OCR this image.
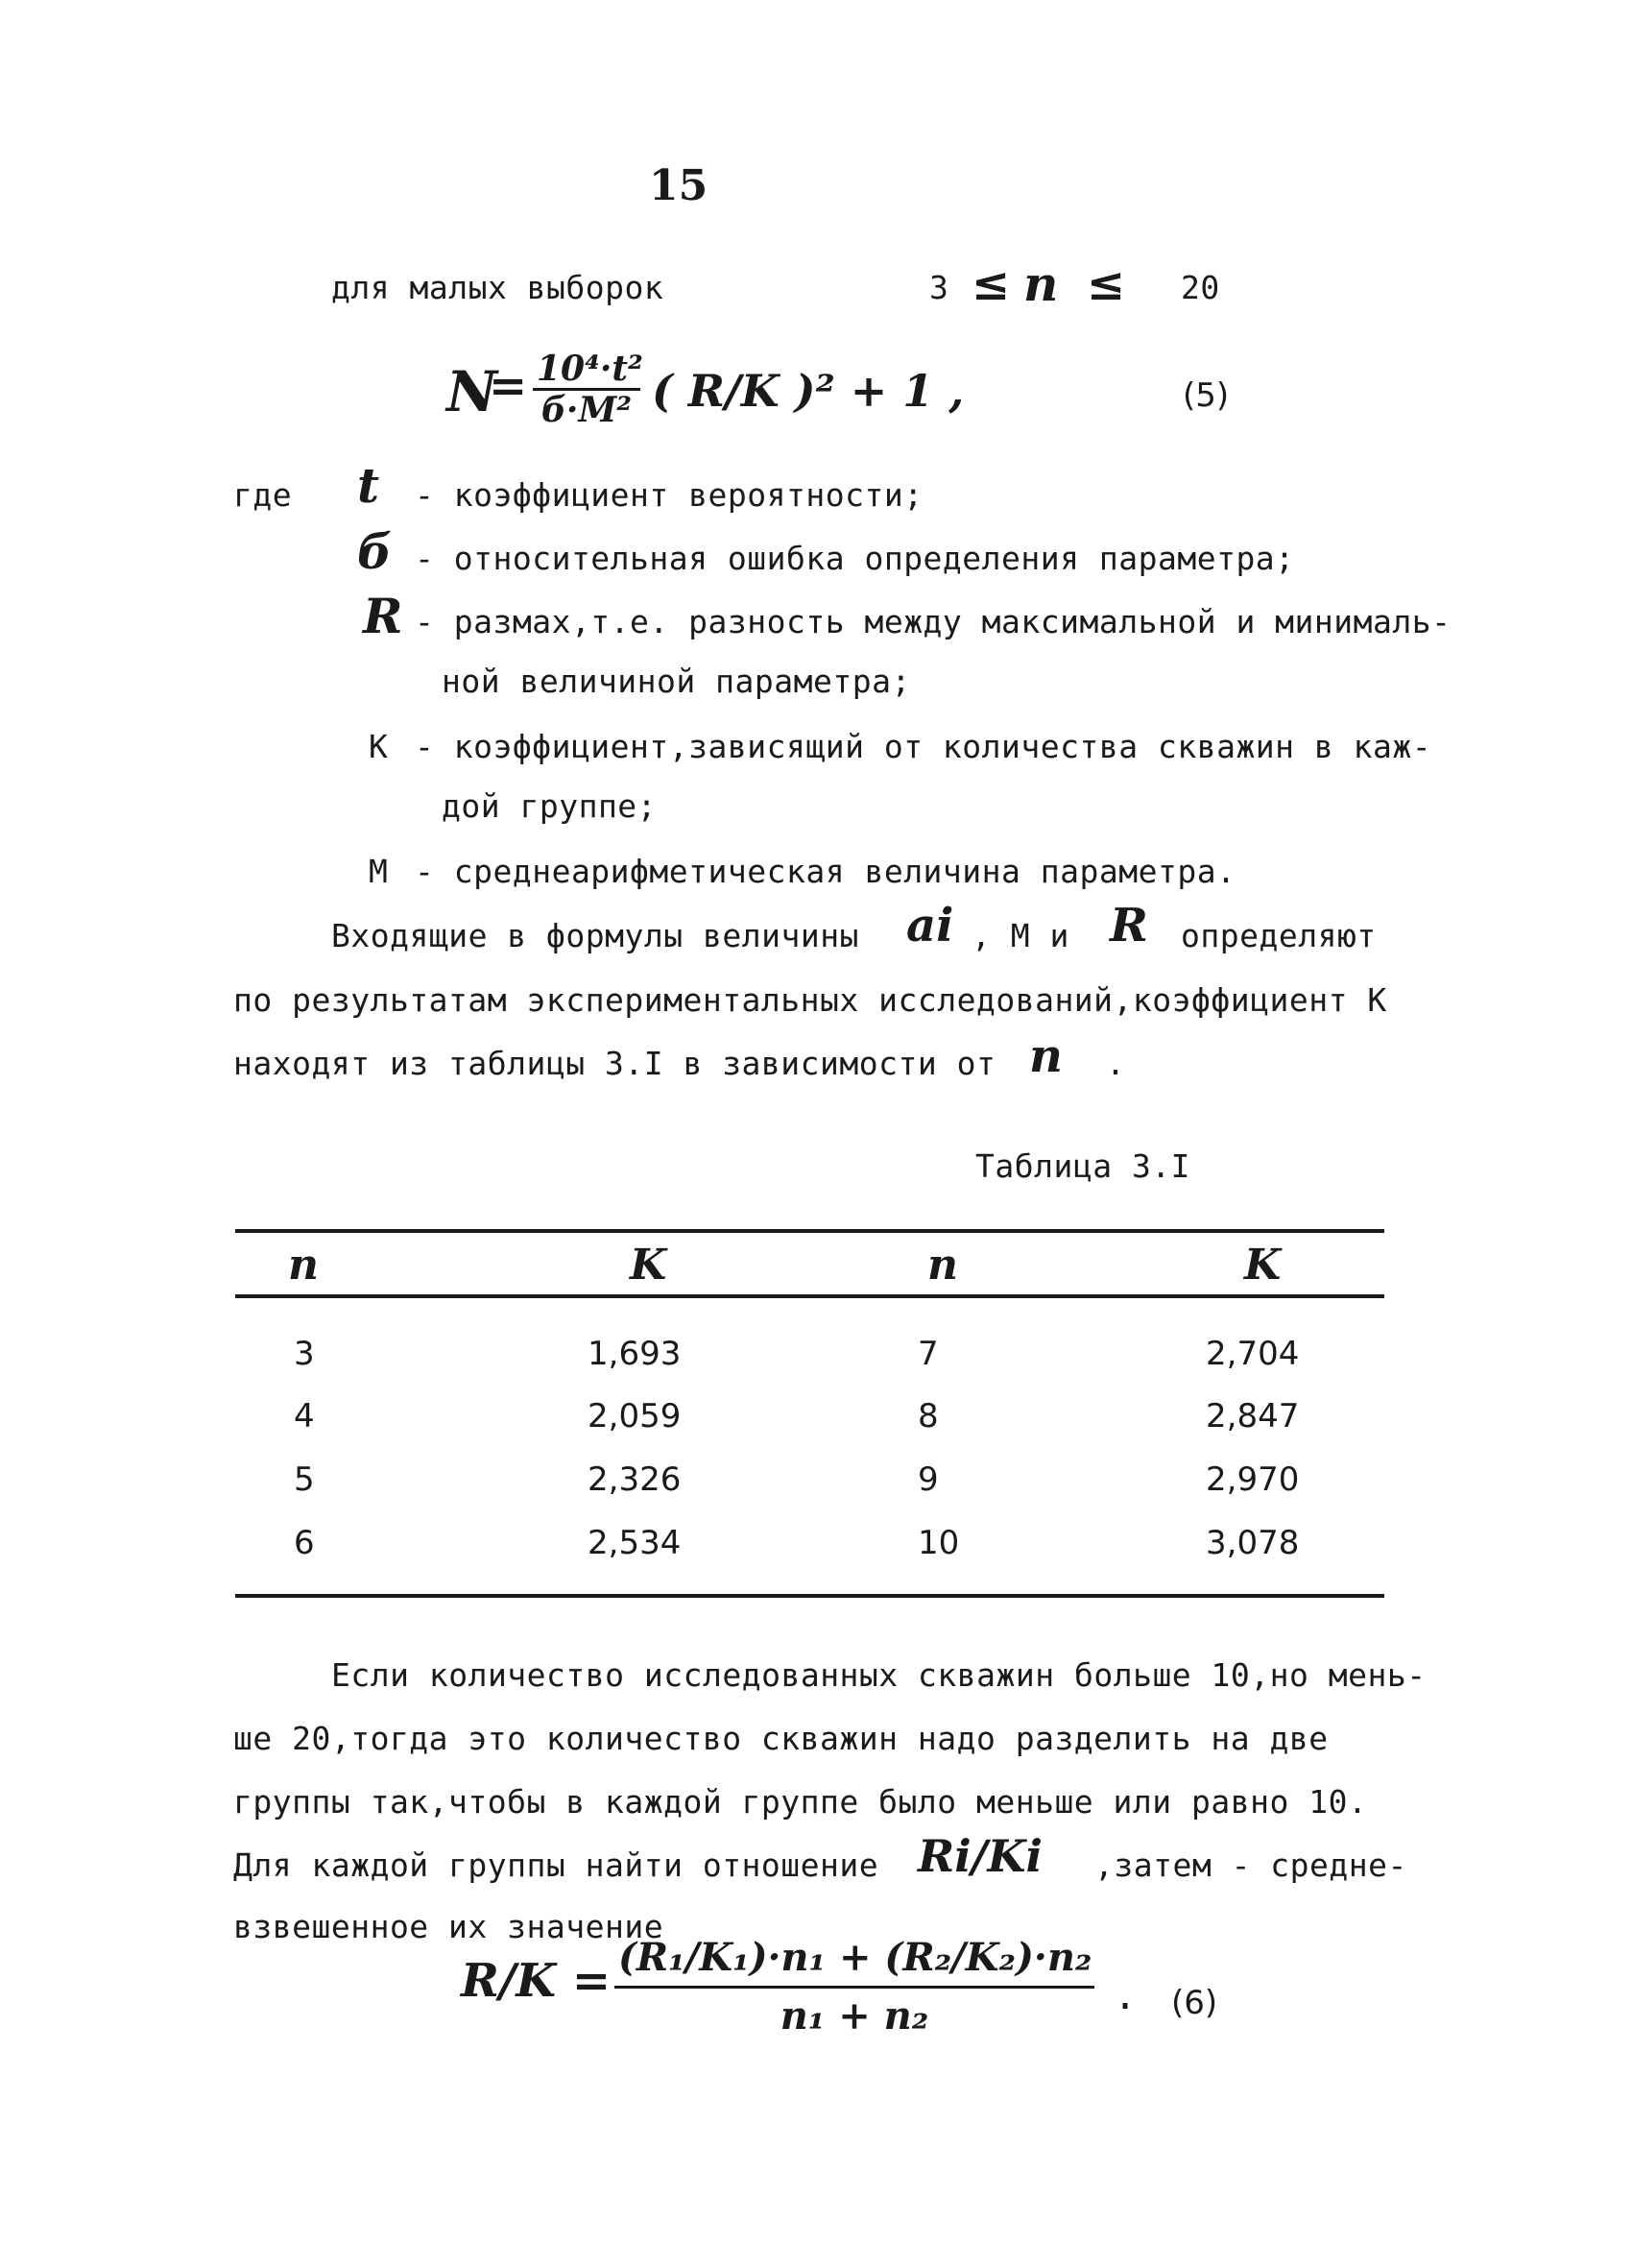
15
для малых выборок	3 ≤ n ≤ 20
N
= 10⁴·t²
б·M² ( R/K )² + 1 ,	(5)
где t - коэффициент вероятности;
б - относительная ошибка определения параметра;
R - размах,т.е. разность между максимальной и минималь-
ной величиной параметра;
К - коэффициент,зависящий от количества скважин в каж-
дой группе;
М - среднеарифметическая величина параметра.
Входящие в формулы величины ai , М и R определяют
по результатам экспериментальных исследований,коэффициент К
находят из таблицы 3.I в зависимости от n .
Таблица 3.I
n	K	n	K
3	1,693	7	2,704
4	2,059	8	2,847
5	2,326	9	2,970
6	2,534	10	3,078
Если количество исследованных скважин больше 10,но мень-
ше 20,тогда это количество скважин надо разделить на две
группы так,чтобы в каждой группе было меньше или равно 10.
Для каждой группы найти отношение Ri/Ki ,затем - средне-
взвешенное их значение
$R/K = \frac{\text{(R₁/K₁)·n₁ + (R₂/K₂)·n₂}}{\text{n₁ + n₂}}$ . (6)
